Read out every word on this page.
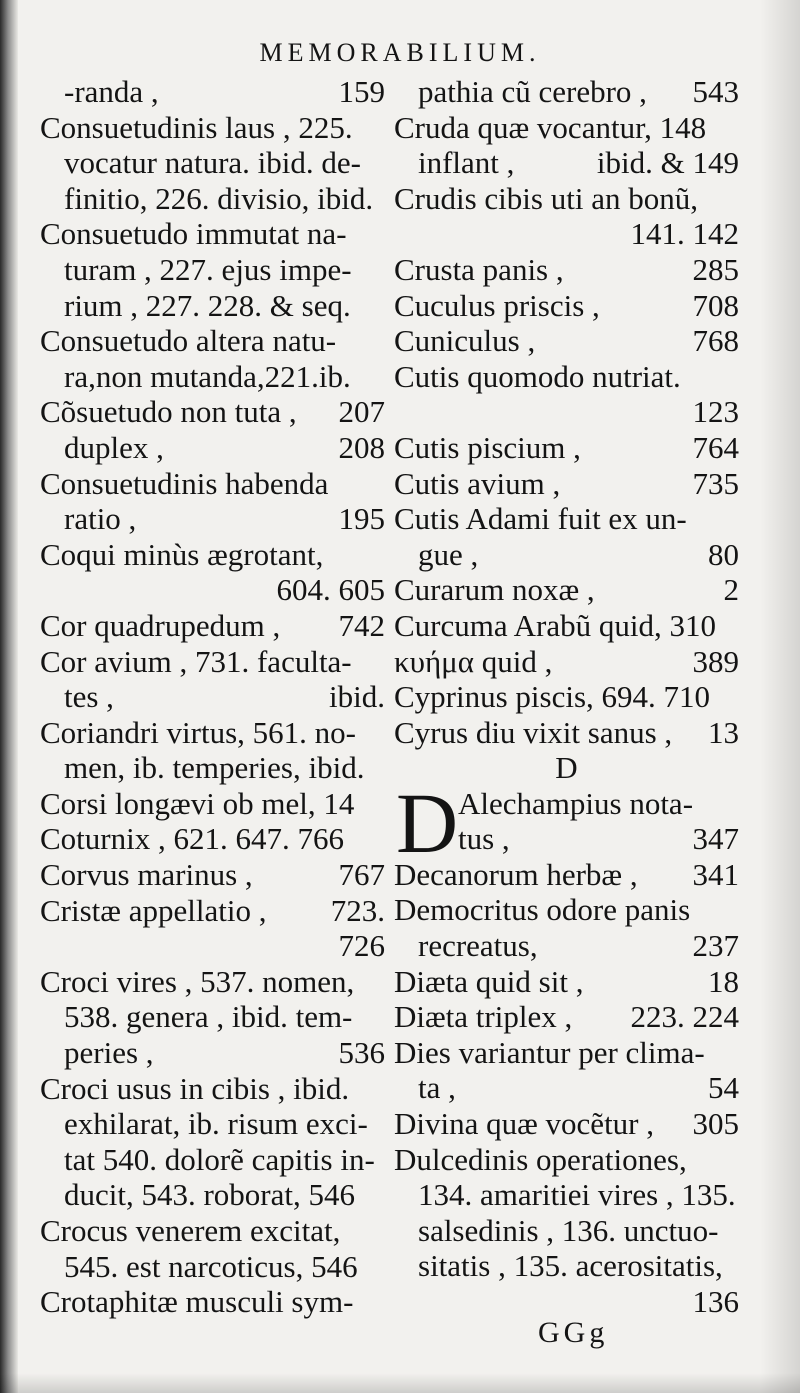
MEMORABILIUM.
-randa ,	159
Consuetudinis laus , 225.
vocatur natura. ibid. de-
finitio, 226. divisio, ibid.
Consuetudo immutat na-
turam , 227. ejus impe-
rium , 227. 228. & seq.
Consuetudo altera natu-
ra,non mutanda,221.ib.
Cõsuetudo non tuta ,	207
duplex ,	208
Consuetudinis habenda
ratio ,	195
Coqui minùs ægrotant,
604. 605
Cor quadrupedum ,	742
Cor avium , 731. faculta-
tes ,	ibid.
Coriandri virtus, 561. no-
men, ib. temperies, ibid.
Corsi longævi ob mel, 14
Coturnix , 621. 647. 766
Corvus marinus ,	767
Cristæ appellatio ,	723.
726
Croci vires , 537. nomen,
538. genera , ibid. tem-
peries ,	536
Croci usus in cibis , ibid.
exhilarat, ib. risum exci-
tat 540. dolorẽ capitis in-
ducit, 543. roborat, 546
Crocus venerem excitat,
545. est narcoticus, 546
Crotaphitæ musculi sym-
pathia cũ cerebro ,	543
Cruda quæ vocantur, 148
inflant ,	ibid. & 149
Crudis cibis uti an bonũ,
141. 142
Crusta panis ,	285
Cuculus priscis ,	708
Cuniculus ,	768
Cutis quomodo nutriat.
123
Cutis piscium ,	764
Cutis avium ,	735
Cutis Adami fuit ex un-
gue ,	80
Curarum noxæ ,	2
Curcuma Arabũ quid, 310
κυήμα quid ,	389
Cyprinus piscis, 694. 710
Cyrus diu vixit sanus ,	13
D
D Alechampius nota-
tus ,	347
Decanorum herbæ ,	341
Democritus odore panis
recreatus,	237
Diæta quid sit ,	18
Diæta triplex ,	223. 224
Dies variantur per clima-
ta ,	54
Divina quæ vocẽtur ,	305
Dulcedinis operationes,
134. amaritiei vires , 135.
salsedinis , 136. unctuo-
sitatis , 135. acerositatis,
136
GGg
